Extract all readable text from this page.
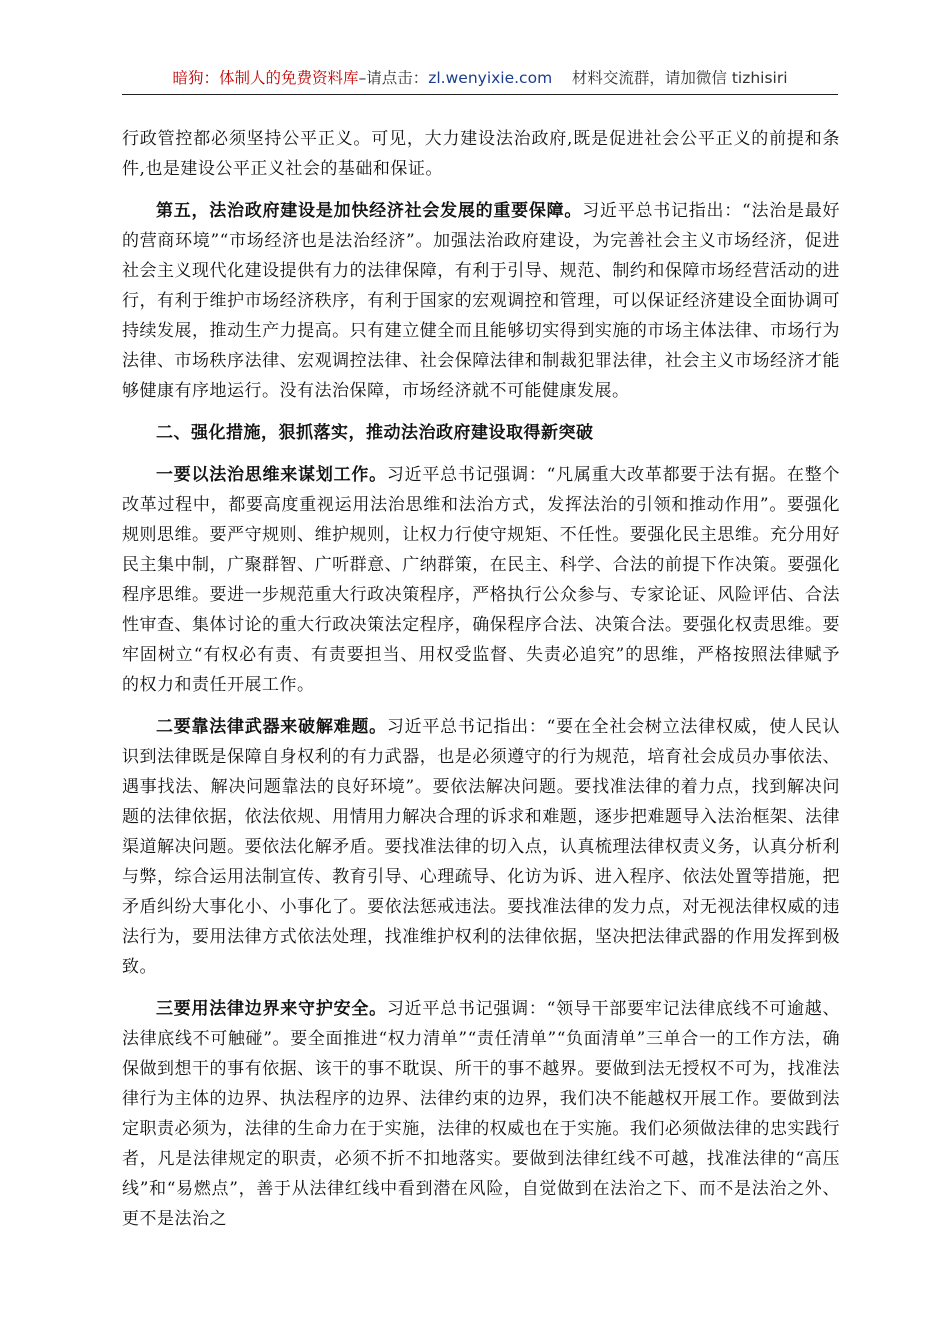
暗狗：体制人的免费资料库–请点击：zl.wenyixie.com 材料交流群，请加微信 tizhisiri

行政管控都必须坚持公平正义。可见，大力建设法治政府,既是促进社会公平正义的前提和条件,也是建设公平正义社会的基础和保证。

第五，法治政府建设是加快经济社会发展的重要保障。习近平总书记指出：“法治是最好的营商环境”“市场经济也是法治经济”。加强法治政府建设，为完善社会主义市场经济，促进社会主义现代化建设提供有力的法律保障，有利于引导、规范、制约和保障市场经营活动的进行，有利于维护市场经济秩序，有利于国家的宏观调控和管理，可以保证经济建设全面协调可持续发展，推动生产力提高。只有建立健全而且能够切实得到实施的市场主体法律、市场行为法律、市场秩序法律、宏观调控法律、社会保障法律和制裁犯罪法律，社会主义市场经济才能够健康有序地运行。没有法治保障，市场经济就不可能健康发展。

二、强化措施，狠抓落实，推动法治政府建设取得新突破

一要以法治思维来谋划工作。习近平总书记强调：“凡属重大改革都要于法有据。在整个改革过程中，都要高度重视运用法治思维和法治方式，发挥法治的引领和推动作用”。要强化规则思维。要严守规则、维护规则，让权力行使守规矩、不任性。要强化民主思维。充分用好民主集中制，广聚群智、广听群意、广纳群策，在民主、科学、合法的前提下作决策。要强化程序思维。要进一步规范重大行政决策程序，严格执行公众参与、专家论证、风险评估、合法性审查、集体讨论的重大行政决策法定程序，确保程序合法、决策合法。要强化权责思维。要牢固树立“有权必有责、有责要担当、用权受监督、失责必追究”的思维，严格按照法律赋予的权力和责任开展工作。

二要靠法律武器来破解难题。习近平总书记指出：“要在全社会树立法律权威，使人民认识到法律既是保障自身权利的有力武器，也是必须遵守的行为规范，培育社会成员办事依法、遇事找法、解决问题靠法的良好环境”。要依法解决问题。要找准法律的着力点，找到解决问题的法律依据，依法依规、用情用力解决合理的诉求和难题，逐步把难题导入法治框架、法律渠道解决问题。要依法化解矛盾。要找准法律的切入点，认真梳理法律权责义务，认真分析利与弊，综合运用法制宣传、教育引导、心理疏导、化访为诉、进入程序、依法处置等措施，把矛盾纠纷大事化小、小事化了。要依法惩戒违法。要找准法律的发力点，对无视法律权威的违法行为，要用法律方式依法处理，找准维护权利的法律依据，坚决把法律武器的作用发挥到极致。

三要用法律边界来守护安全。习近平总书记强调：“领导干部要牢记法律底线不可逾越、法律底线不可触碰”。要全面推进“权力清单”“责任清单”“负面清单”三单合一的工作方法，确保做到想干的事有依据、该干的事不耽误、所干的事不越界。要做到法无授权不可为，找准法律行为主体的边界、执法程序的边界、法律约束的边界，我们决不能越权开展工作。要做到法定职责必须为，法律的生命力在于实施，法律的权威也在于实施。我们必须做法律的忠实践行者，凡是法律规定的职责，必须不折不扣地落实。要做到法律红线不可越，找准法律的“高压线”和“易燃点”，善于从法律红线中看到潜在风险，自觉做到在法治之下、而不是法治之外、更不是法治之
